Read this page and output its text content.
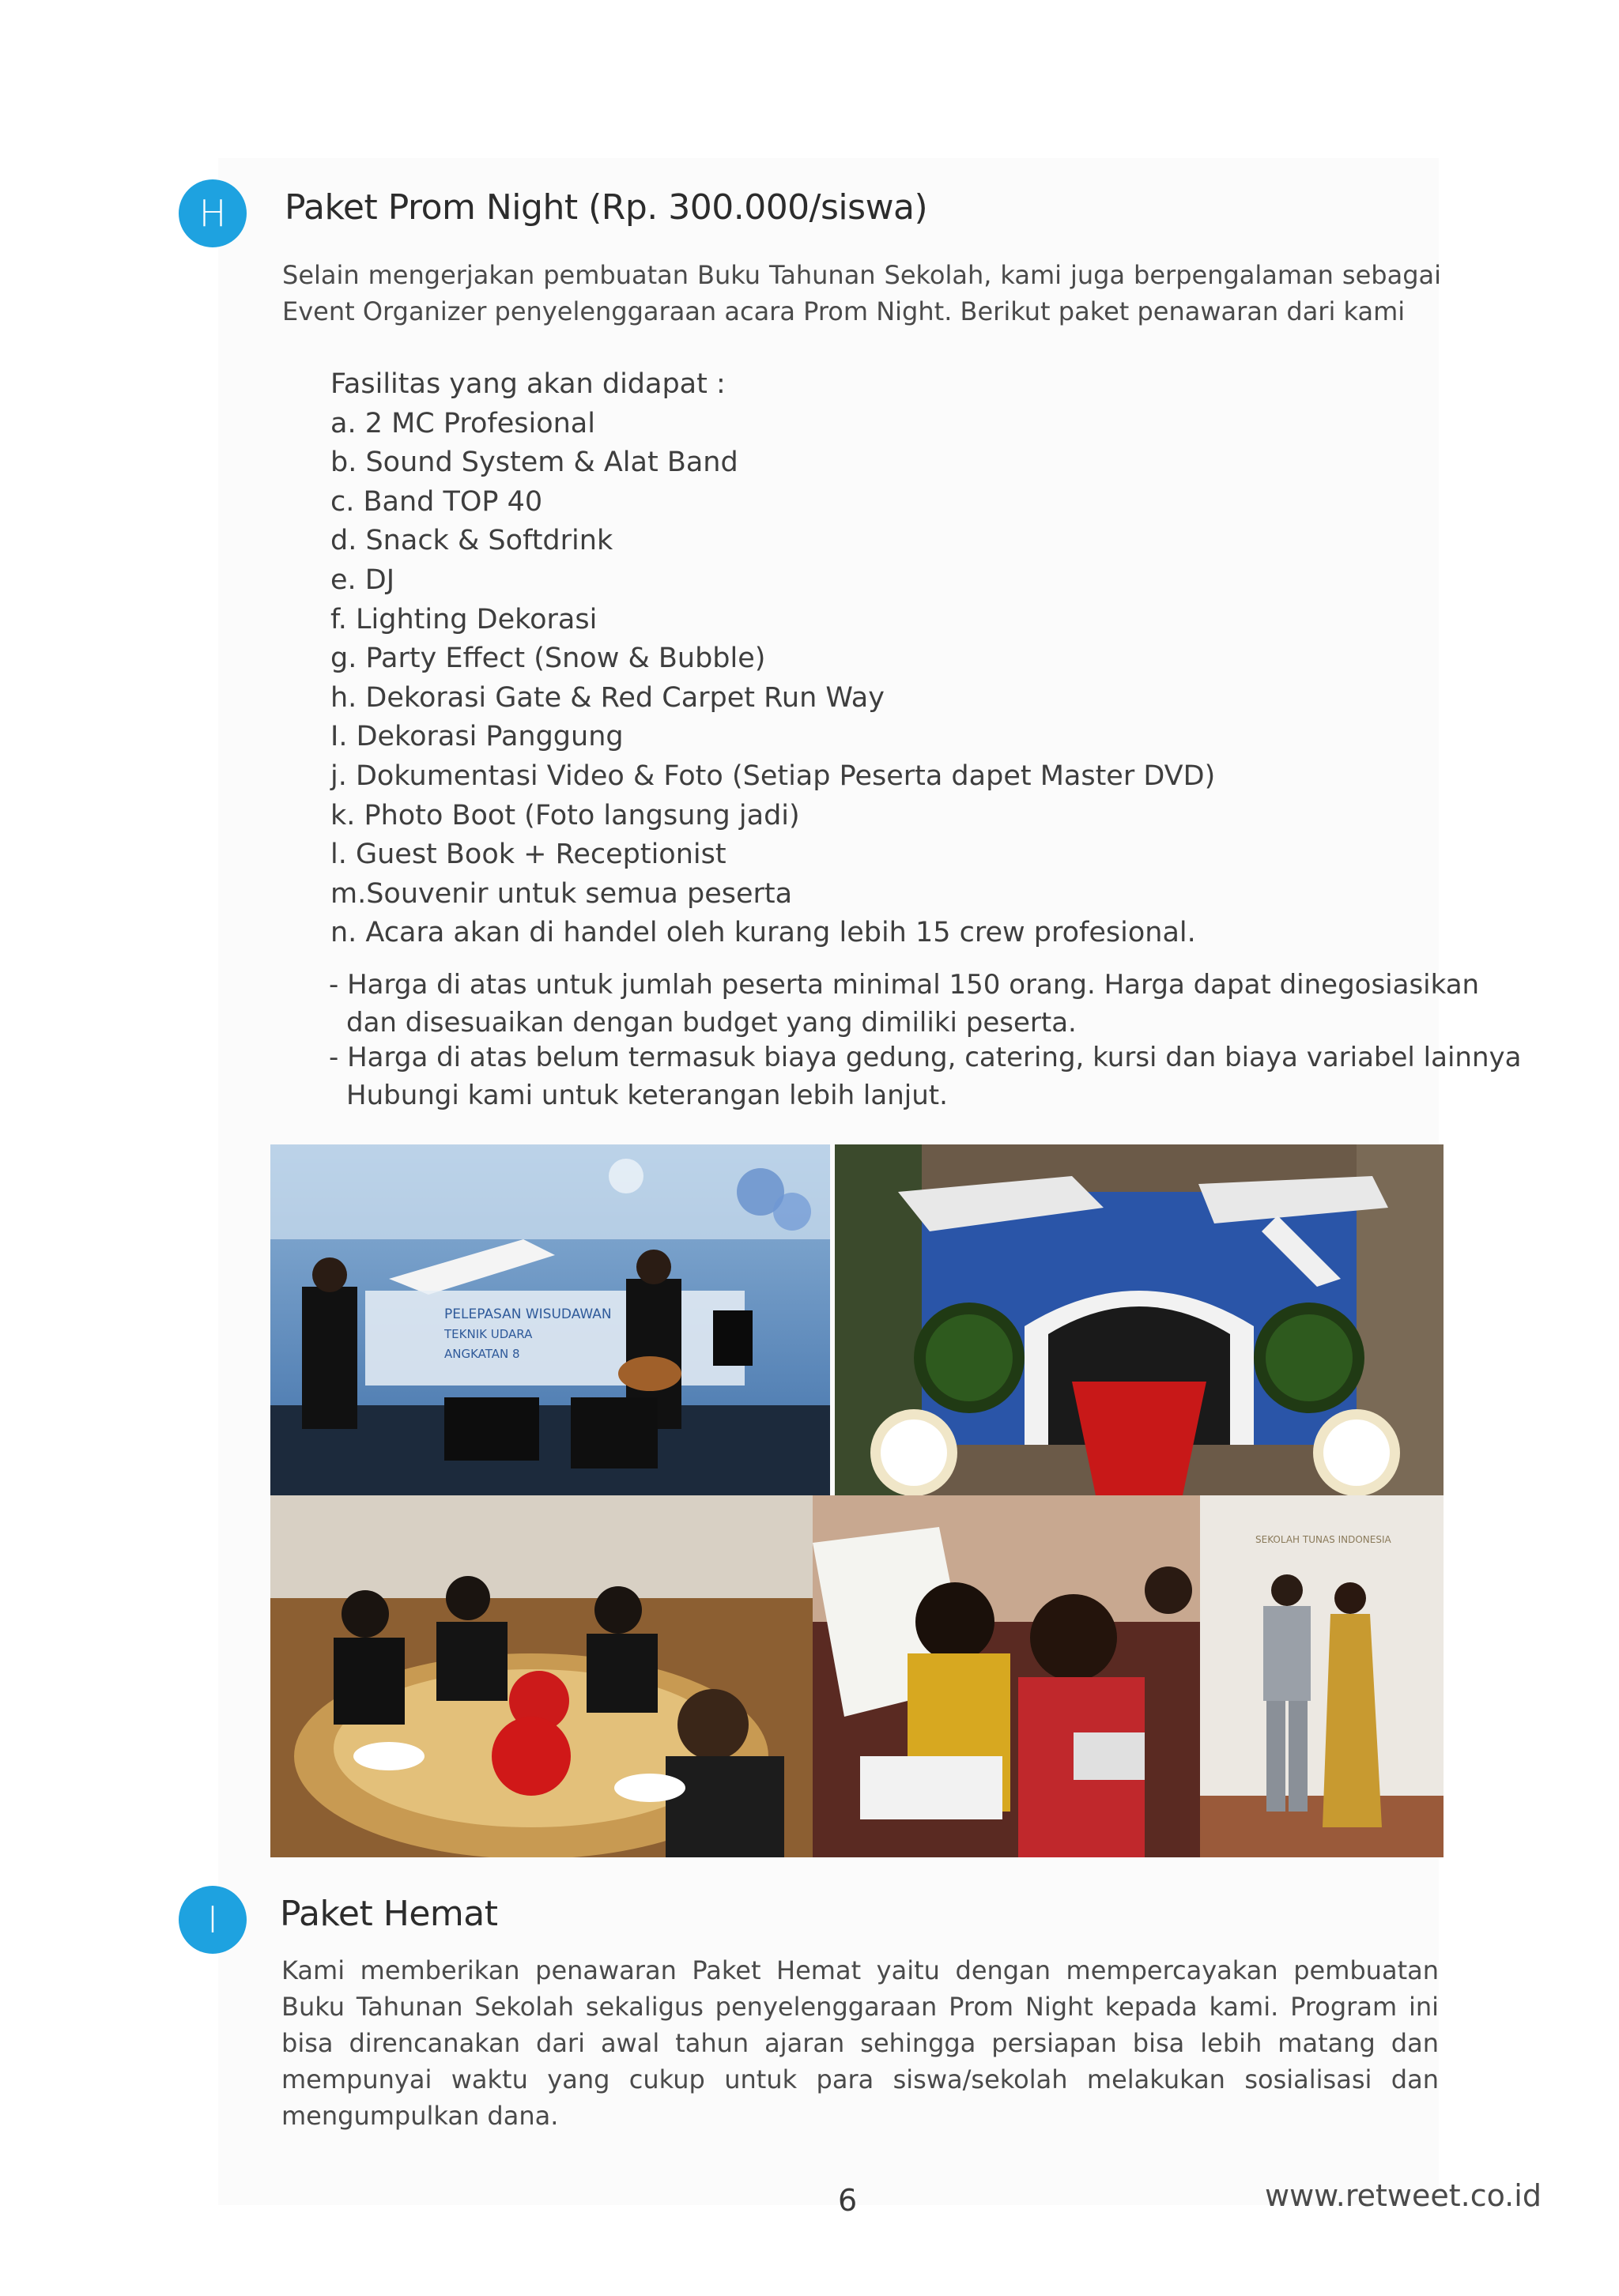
H	Paket Prom Night (Rp. 300.000/siswa)

Selain mengerjakan pembuatan Buku Tahunan Sekolah, kami juga berpengalaman sebagai Event Organizer penyelenggaraan acara Prom Night. Berikut paket penawaran dari kami

Fasilitas yang akan didapat :
a. 2 MC Profesional
b. Sound System & Alat Band
c. Band TOP 40
d. Snack & Softdrink
e. DJ
f. Lighting Dekorasi
g. Party Effect (Snow & Bubble)
h. Dekorasi Gate & Red Carpet Run Way
I. Dekorasi Panggung
j. Dokumentasi Video & Foto (Setiap Peserta dapet Master DVD)
k. Photo Boot (Foto langsung jadi)
l. Guest Book + Receptionist
m.Souvenir untuk semua peserta
n. Acara akan di handel oleh kurang lebih 15 crew profesional.
- Harga di atas untuk jumlah peserta minimal 150 orang. Harga dapat dinegosiasikan
dan disesuaikan dengan budget yang dimiliki peserta.
- Harga di atas belum termasuk biaya gedung, catering, kursi dan biaya variabel lainnya
Hubungi kami untuk keterangan lebih lanjut.
PELEPASAN WISUDAWAN
TEKNIK UDARA
ANGKATAN 8
SEKOLAH TUNAS INDONESIA
I	Paket Hemat

Kami memberikan penawaran Paket Hemat yaitu dengan mempercayakan pembuatan Buku Tahunan Sekolah sekaligus penyelenggaraan Prom Night kepada kami. Program ini bisa direncanakan dari awal tahun ajaran sehingga persiapan bisa lebih matang dan mempunyai waktu yang cukup untuk para siswa/sekolah melakukan sosialisasi dan mengumpulkan dana.

6	www.retweet.co.id
